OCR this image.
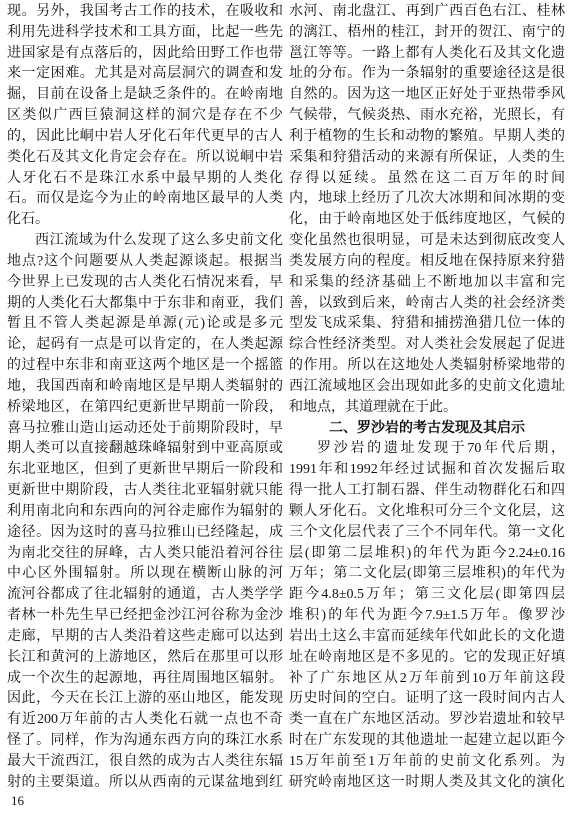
现。另外，我国考古工作的技术，在吸收和
利用先进科学技术和工具方面，比起一些先
进国家是有点落后的，因此给田野工作也带
来一定困难。尤其是对高层洞穴的调查和发
掘，目前在设备上是缺乏条件的。在岭南地
区类似广西巨猿洞这样的洞穴是存在不少
的，因此比峒中岩人牙化石年代更早的古人
类化石及其文化肯定会存在。所以说峒中岩
人牙化石不是珠江水系中最早期的人类化
石。而仅是迄今为止的岭南地区最早的人类
化石。
西江流域为什么发现了这么多史前文化
地点?这个问题要从人类起源谈起。根据当
今世界上已发现的古人类化石情况来看，早
期的人类化石大都集中于东非和南亚，我们
暂且不管人类起源是单源(元)论或是多元
论，起码有一点是可以肯定的，在人类起源
的过程中东非和南亚这两个地区是一个摇篮
地，我国西南和岭南地区是早期人类辐射的
桥梁地区，在第四纪更新世早期前一阶段，
喜马拉雅山造山运动还处于前期阶段时，早
期人类可以直接翻越珠峰辐射到中亚高原或
东北亚地区，但到了更新世早期后一阶段和
更新世中期阶段，古人类往北亚辐射就只能
利用南北向和东西向的河谷走廊作为辐射的
途径。因为这时的喜马拉雅山已经隆起，成
为南北交往的屏峰，古人类只能沿着河谷往
中心区外围辐射。所以现在横断山脉的河
流河谷都成了往北辐射的通道，古人类学学
者林一朴先生早已经把金沙江河谷称为金沙
走廊，早期的古人类沿着这些走廊可以达到
长江和黄河的上游地区，然后在那里可以形
成一个次生的起源地，再往周围地区辐射。
因此，今天在长江上游的巫山地区，能发现
有近200万年前的古人类化石就一点也不奇
怪了。同样，作为沟通东西方向的珠江水系
最大干流西江，很自然的成为古人类往东辐
射的主要渠道。所以从西南的元谋盆地到红
水河、南北盘江、再到广西百色右江、桂林
的漓江、梧州的桂江，封开的贺江、南宁的
邕江等等。一路上都有人类化石及其文化遗
址的分布。作为一条辐射的重要途径这是很
自然的。因为这一地区正好处于亚热带季风
气候带，气候炎热、雨水充裕，光照长，有
利于植物的生长和动物的繁殖。早期人类的
采集和狩猎活动的来源有所保证，人类的生
存得以延续。虽然在这二百万年的时间
内，地球上经历了几次大冰期和间冰期的变
化，由于岭南地区处于低纬度地区，气候的
变化虽然也很明显，可是未达到彻底改变人
类发展方向的程度。相反地在保持原来狩猎
和采集的经济基础上不断地加以丰富和完
善，以致到后来，岭南古人类的社会经济类
型发飞成采集、狩猎和捕捞渔猎几位一体的
综合性经济类型。对人类社会发展起了促进
的作用。所以在这地处人类辐射桥梁地带的
西江流域地区会出现如此多的史前文化遗址
和地点，其道理就在于此。
二、罗沙岩的考古发现及其启示
罗沙岩的遗址发现于70年代后期，
1991年和1992年经过试掘和首次发掘后取
得一批人工打制石器、伴生动物群化石和四
颗人牙化石。文化堆积可分三个文化层，这
三个文化层代表了三个不同年代。第一文化
层(即第二层堆积)的年代为距今2.24±0.16
万年；第二文化层(即第三层堆积)的年代为
距今4.8±0.5万年；第三文化层(即第四层
堆积)的年代为距今7.9±1.5万年。像罗沙
岩出土这么丰富而延续年代如此长的文化遗
址在岭南地区是不多见的。它的发现正好填
补了广东地区从2万年前到10万年前这段
历史时间的空白。证明了这一段时间内古人
类一直在广东地区活动。罗沙岩遗址和较早
时在广东发现的其他遗址一起建立起以距今
15万年前至1万年前的史前文化系列。为
研究岭南地区这一时期人类及其文化的演化
16
